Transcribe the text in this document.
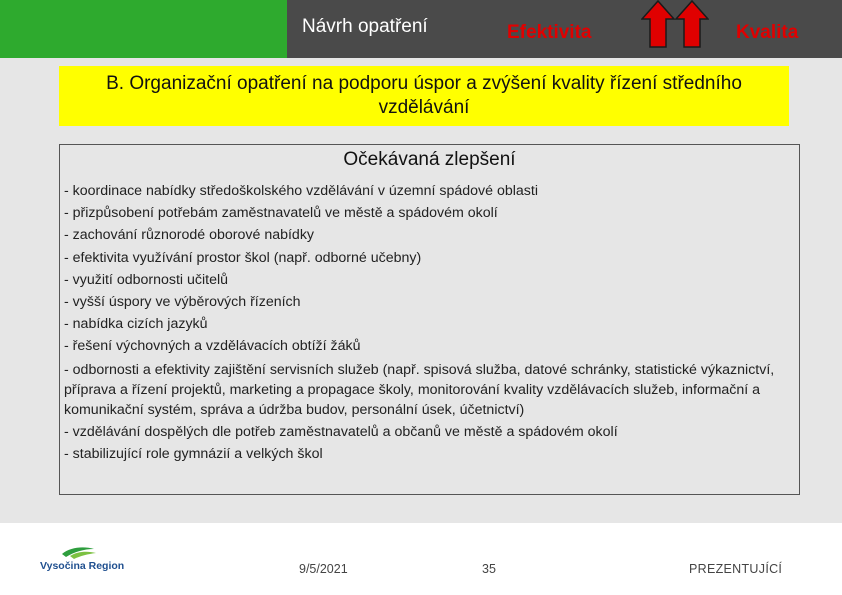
Návrh opatření	Efektivita	Kvalita
B. Organizační opatření na podporu úspor a zvýšení kvality řízení středního vzdělávání
Očekávaná zlepšení
- koordinace nabídky středoškolského vzdělávání v územní spádové oblasti
- přizpůsobení potřebám zaměstnavatelů ve městě a spádovém okolí
- zachování různorodé oborové nabídky
- efektivita využívání prostor škol (např. odborné učebny)
- využití odbornosti učitelů
- vyšší úspory ve výběrových řízeních
- nabídka cizích jazyků
- řešení výchovných a vzdělávacích obtíží žáků
- odbornosti a efektivity zajištění servisních služeb (např. spisová služba, datové schránky, statistické výkaznictví, příprava a řízení projektů, marketing a propagace školy, monitorování kvality vzdělávacích služeb, informační a komunikační systém, správa a údržba budov, personální úsek, účetnictví)
- vzdělávání dospělých dle potřeb zaměstnavatelů a občanů ve městě a spádovém okolí
- stabilizující role gymnázií a velkých škol
Vysočina Region	9/5/2021	35	PREZENTUJÍCÍ
